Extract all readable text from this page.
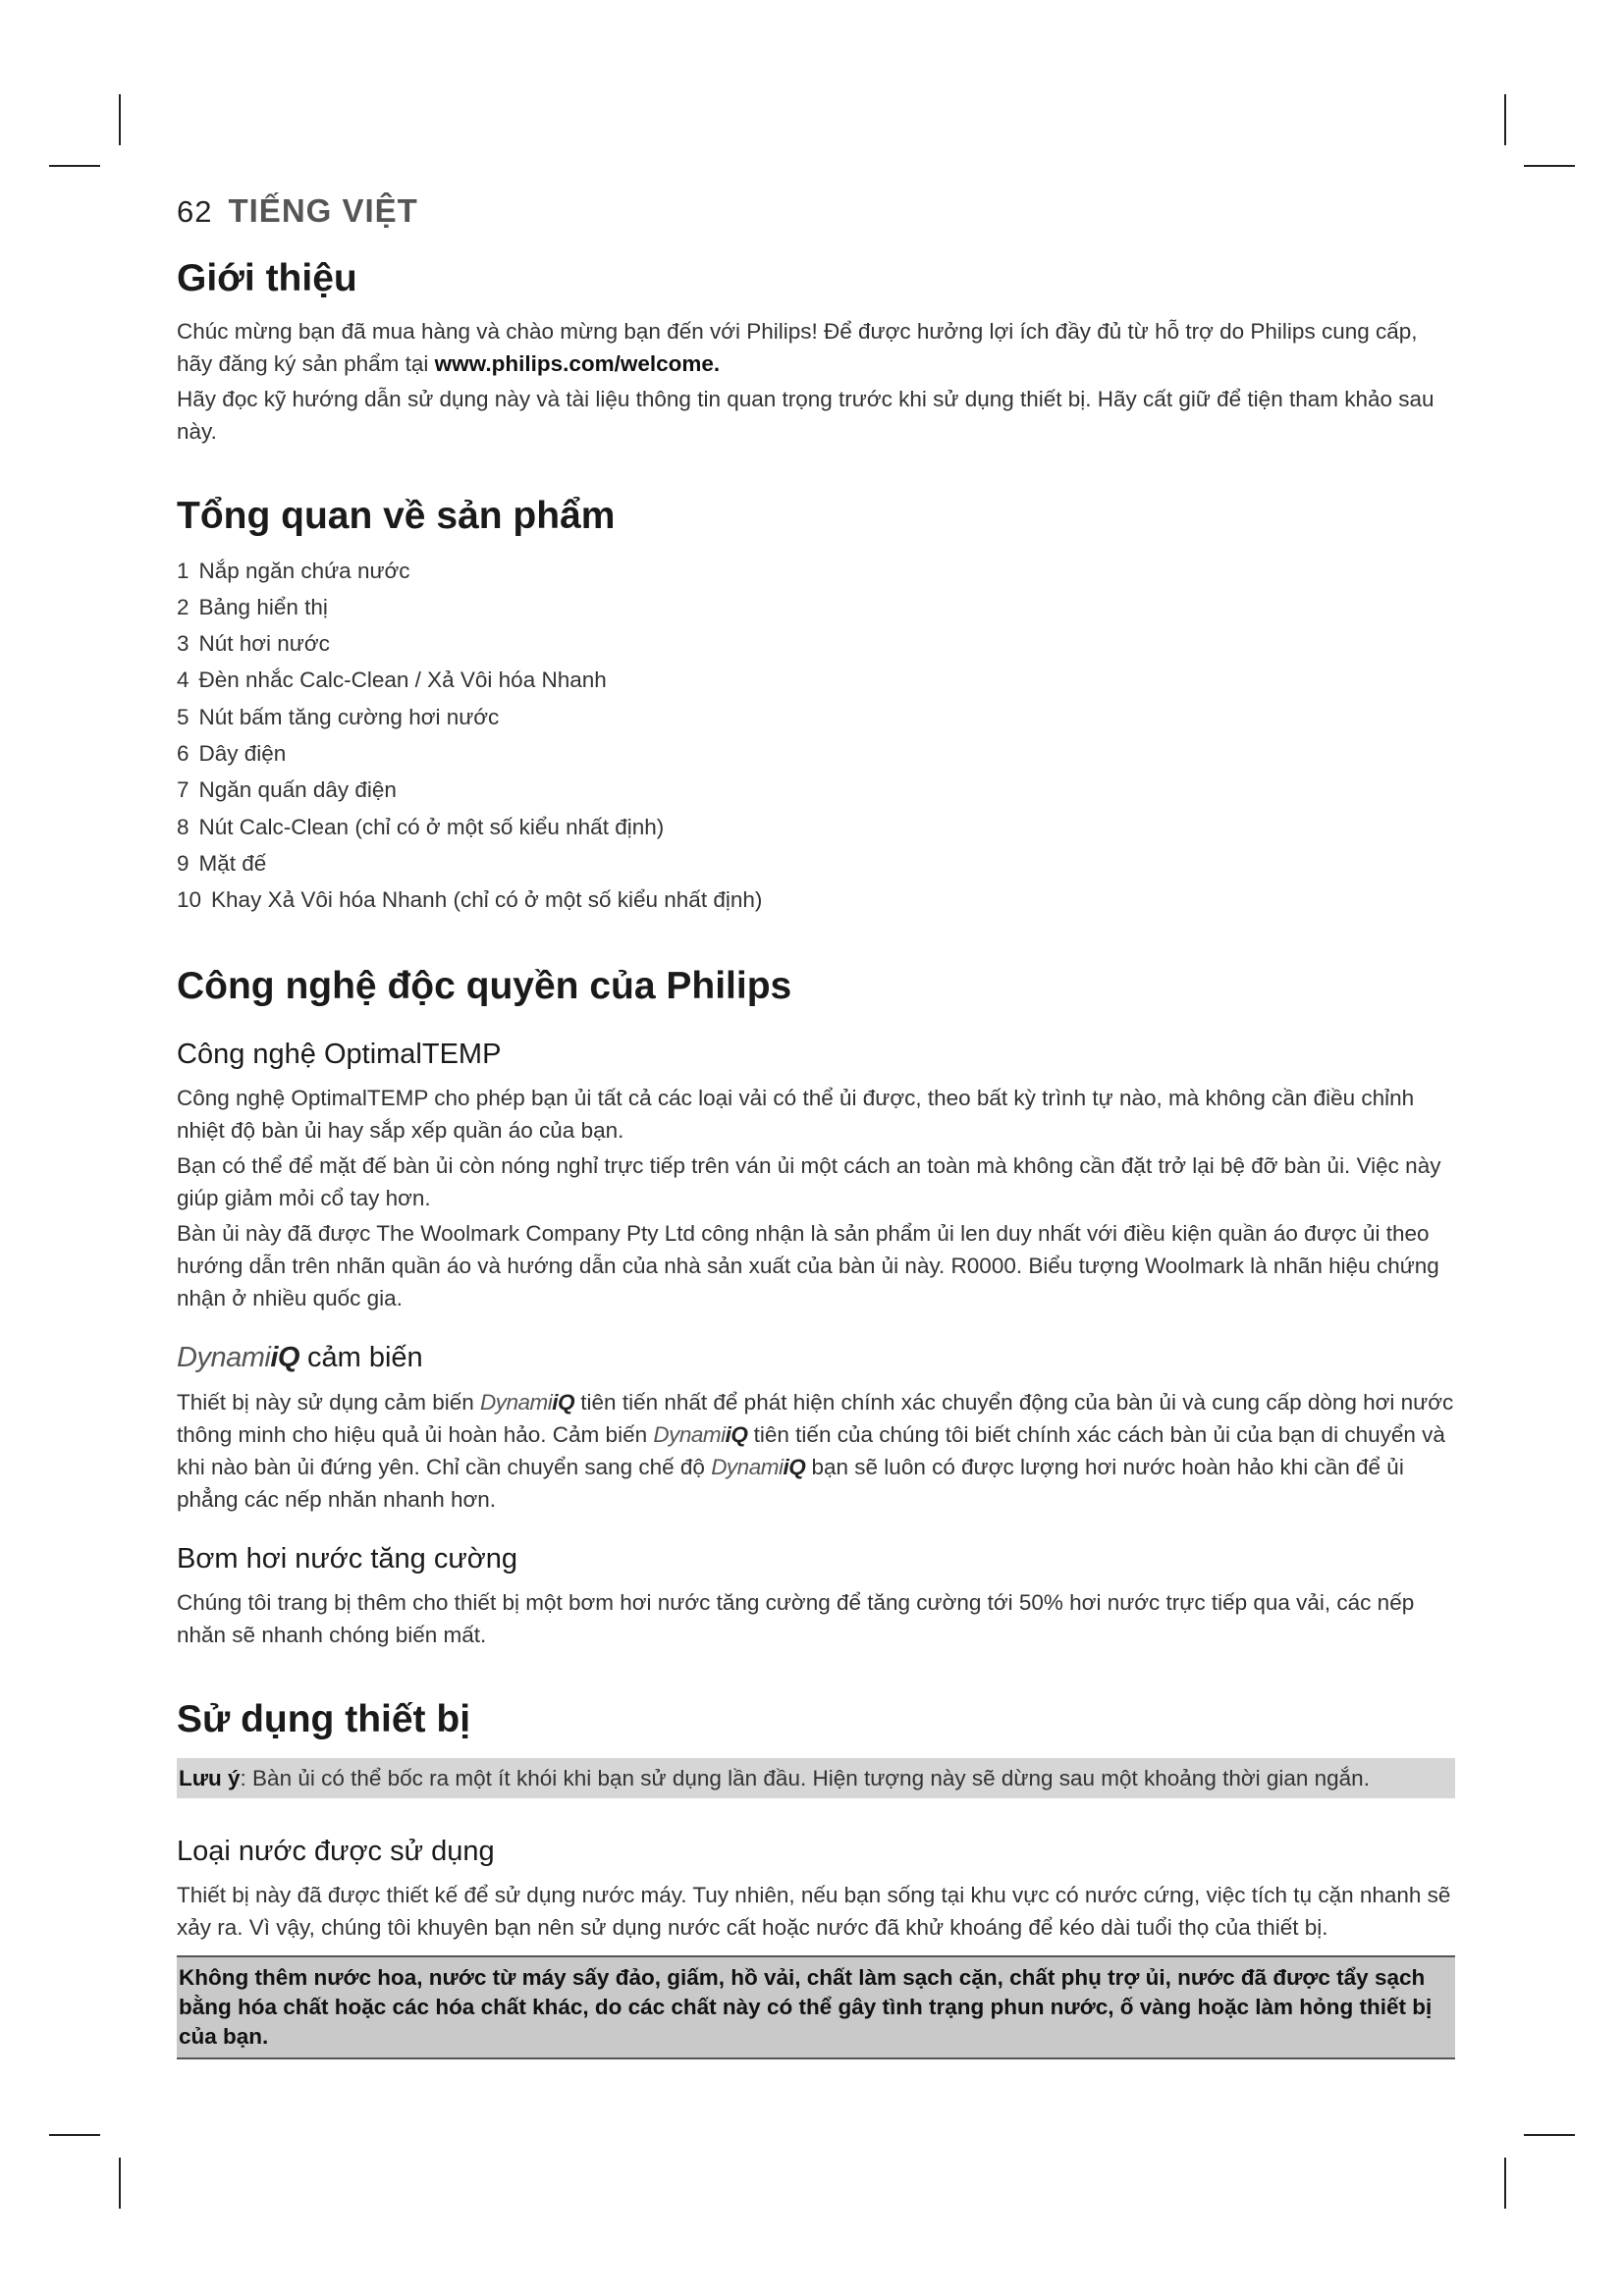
62 TIẾNG VIỆT
Giới thiệu

Chúc mừng bạn đã mua hàng và chào mừng bạn đến với Philips! Để được hưởng lợi ích đầy đủ từ hỗ trợ do Philips cung cấp, hãy đăng ký sản phẩm tại www.philips.com/welcome.

Hãy đọc kỹ hướng dẫn sử dụng này và tài liệu thông tin quan trọng trước khi sử dụng thiết bị. Hãy cất giữ để tiện tham khảo sau này.

Tổng quan về sản phẩm
1 Nắp ngăn chứa nước
2 Bảng hiển thị
3 Nút hơi nước
4 Đèn nhắc Calc-Clean / Xả Vôi hóa Nhanh
5 Nút bấm tăng cường hơi nước
6 Dây điện
7 Ngăn quấn dây điện
8 Nút Calc-Clean (chỉ có ở một số kiểu nhất định)
9 Mặt đế
10 Khay Xả Vôi hóa Nhanh (chỉ có ở một số kiểu nhất định)
Công nghệ độc quyền của Philips
Công nghệ OptimalTEMP

Công nghệ OptimalTEMP cho phép bạn ủi tất cả các loại vải có thể ủi được, theo bất kỳ trình tự nào, mà không cần điều chỉnh nhiệt độ bàn ủi hay sắp xếp quần áo của bạn.

Bạn có thể để mặt đế bàn ủi còn nóng nghỉ trực tiếp trên ván ủi một cách an toàn mà không cần đặt trở lại bệ đỡ bàn ủi. Việc này giúp giảm mỏi cổ tay hơn.

Bàn ủi này đã được The Woolmark Company Pty Ltd công nhận là sản phẩm ủi len duy nhất với điều kiện quần áo được ủi theo hướng dẫn trên nhãn quần áo và hướng dẫn của nhà sản xuất của bàn ủi này. R0000. Biểu tượng Woolmark là nhãn hiệu chứng nhận ở nhiều quốc gia.

DynamiiQ cảm biến

Thiết bị này sử dụng cảm biến DynamiiQ tiên tiến nhất để phát hiện chính xác chuyển động của bàn ủi và cung cấp dòng hơi nước thông minh cho hiệu quả ủi hoàn hảo. Cảm biến DynamiiQ tiên tiến của chúng tôi biết chính xác cách bàn ủi của bạn di chuyển và khi nào bàn ủi đứng yên. Chỉ cần chuyển sang chế độ DynamiiQ bạn sẽ luôn có được lượng hơi nước hoàn hảo khi cần để ủi phẳng các nếp nhăn nhanh hơn.

Bơm hơi nước tăng cường

Chúng tôi trang bị thêm cho thiết bị một bơm hơi nước tăng cường để tăng cường tới 50% hơi nước trực tiếp qua vải, các nếp nhăn sẽ nhanh chóng biến mất.

Sử dụng thiết bị

Lưu ý: Bàn ủi có thể bốc ra một ít khói khi bạn sử dụng lần đầu. Hiện tượng này sẽ dừng sau một khoảng thời gian ngắn.

Loại nước được sử dụng

Thiết bị này đã được thiết kế để sử dụng nước máy. Tuy nhiên, nếu bạn sống tại khu vực có nước cứng, việc tích tụ cặn nhanh sẽ xảy ra. Vì vậy, chúng tôi khuyên bạn nên sử dụng nước cất hoặc nước đã khử khoáng để kéo dài tuổi thọ của thiết bị.

Không thêm nước hoa, nước từ máy sấy đảo, giấm, hồ vải, chất làm sạch cặn, chất phụ trợ ủi, nước đã được tẩy sạch bằng hóa chất hoặc các hóa chất khác, do các chất này có thể gây tình trạng phun nước, ố vàng hoặc làm hỏng thiết bị của bạn.
